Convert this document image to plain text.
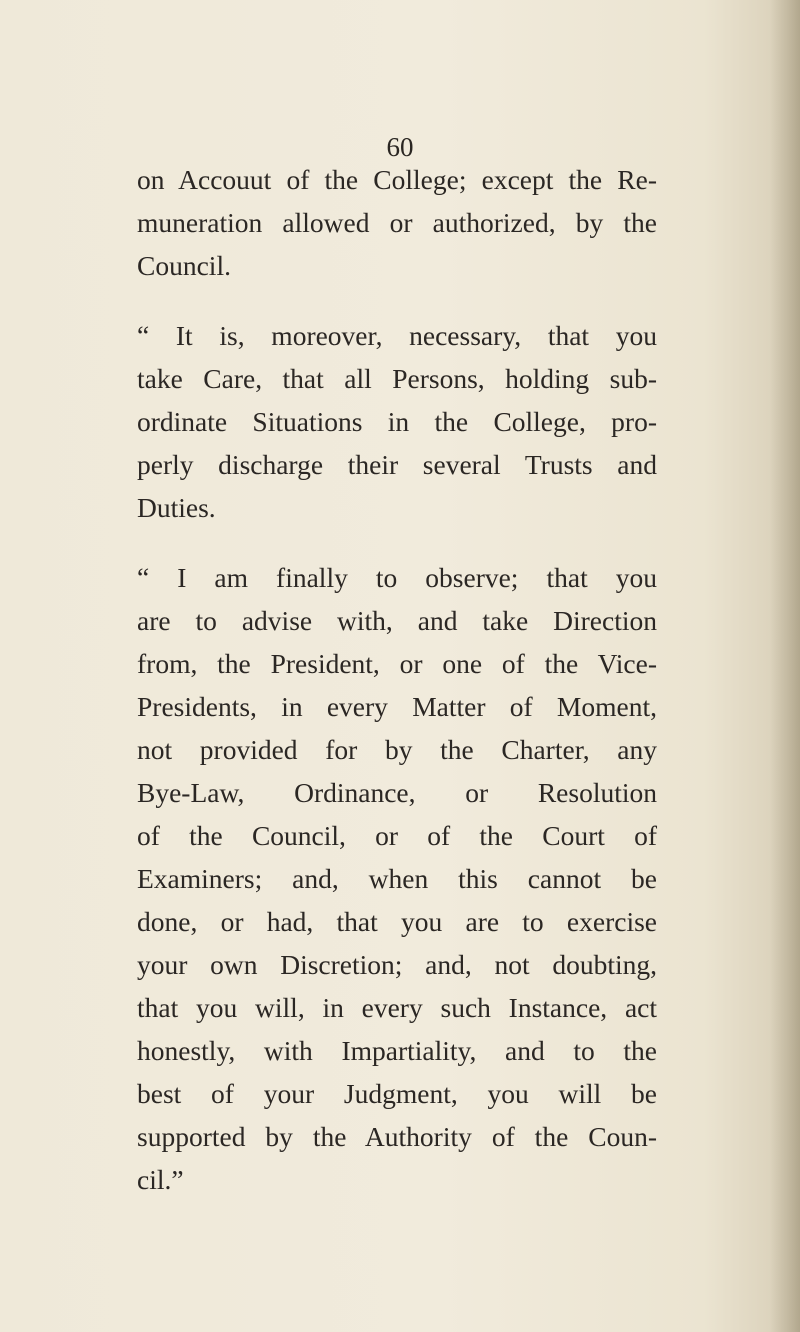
60
on Accouut of the College; except the Re-
muneration allowed or authorized, by the
Council.
“ It is, moreover, necessary, that you
take Care, that all Persons, holding sub-
ordinate Situations in the College, pro-
perly discharge their several Trusts and
Duties.
“ I am finally to observe; that you
are to advise with, and take Direction
from, the President, or one of the Vice-
Presidents, in every Matter of Moment,
not provided for by the Charter, any
Bye-Law, Ordinance, or Resolution
of the Council, or of the Court of
Examiners; and, when this cannot be
done, or had, that you are to exercise
your own Discretion; and, not doubting,
that you will, in every such Instance, act
honestly, with Impartiality, and to the
best of your Judgment, you will be
supported by the Authority of the Coun-
cil.”
